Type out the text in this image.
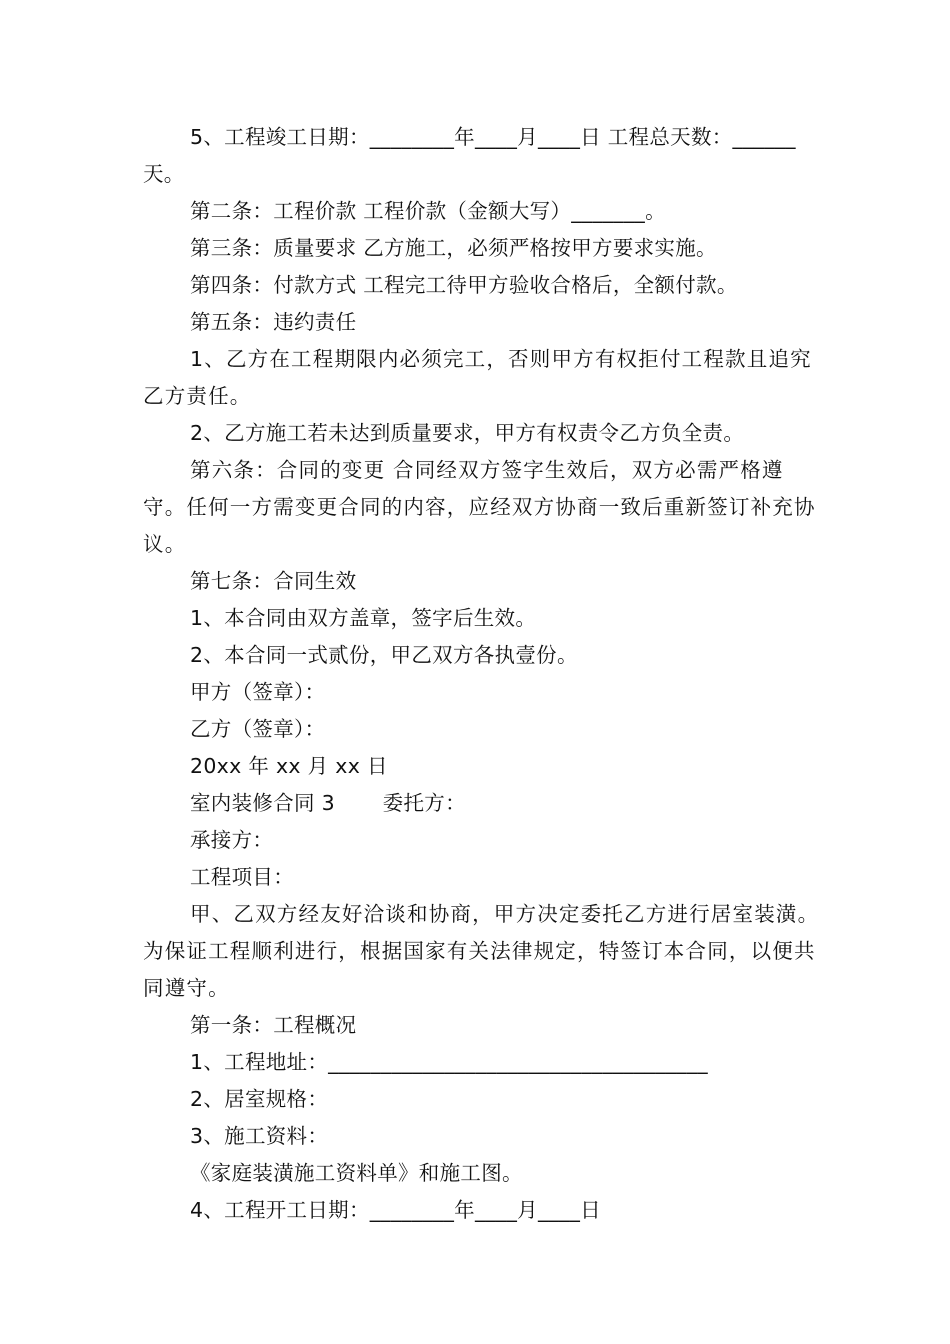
5、工程竣工日期：________年____月____日 工程总天数：______天。

第二条：工程价款 工程价款（金额大写）_______。

第三条：质量要求 乙方施工，必须严格按甲方要求实施。

第四条：付款方式 工程完工待甲方验收合格后，全额付款。

第五条：违约责任

1、乙方在工程期限内必须完工，否则甲方有权拒付工程款且追究乙方责任。

2、乙方施工若未达到质量要求，甲方有权责令乙方负全责。

第六条：合同的变更 合同经双方签字生效后，双方必需严格遵守。任何一方需变更合同的内容，应经双方协商一致后重新签订补充协议。

第七条：合同生效

1、本合同由双方盖章，签字后生效。

2、本合同一式贰份，甲乙双方各执壹份。

甲方（签章）：

乙方（签章）：

20xx 年 xx 月 xx 日

室内装修合同 3       委托方：

承接方：

工程项目：

甲、乙双方经友好洽谈和协商，甲方决定委托乙方进行居室装潢。为保证工程顺利进行，根据国家有关法律规定，特签订本合同，以便共同遵守。

第一条：工程概况

1、工程地址：____________________________________

2、居室规格：

3、施工资料：

《家庭装潢施工资料单》和施工图。

4、工程开工日期：________年____月____日
